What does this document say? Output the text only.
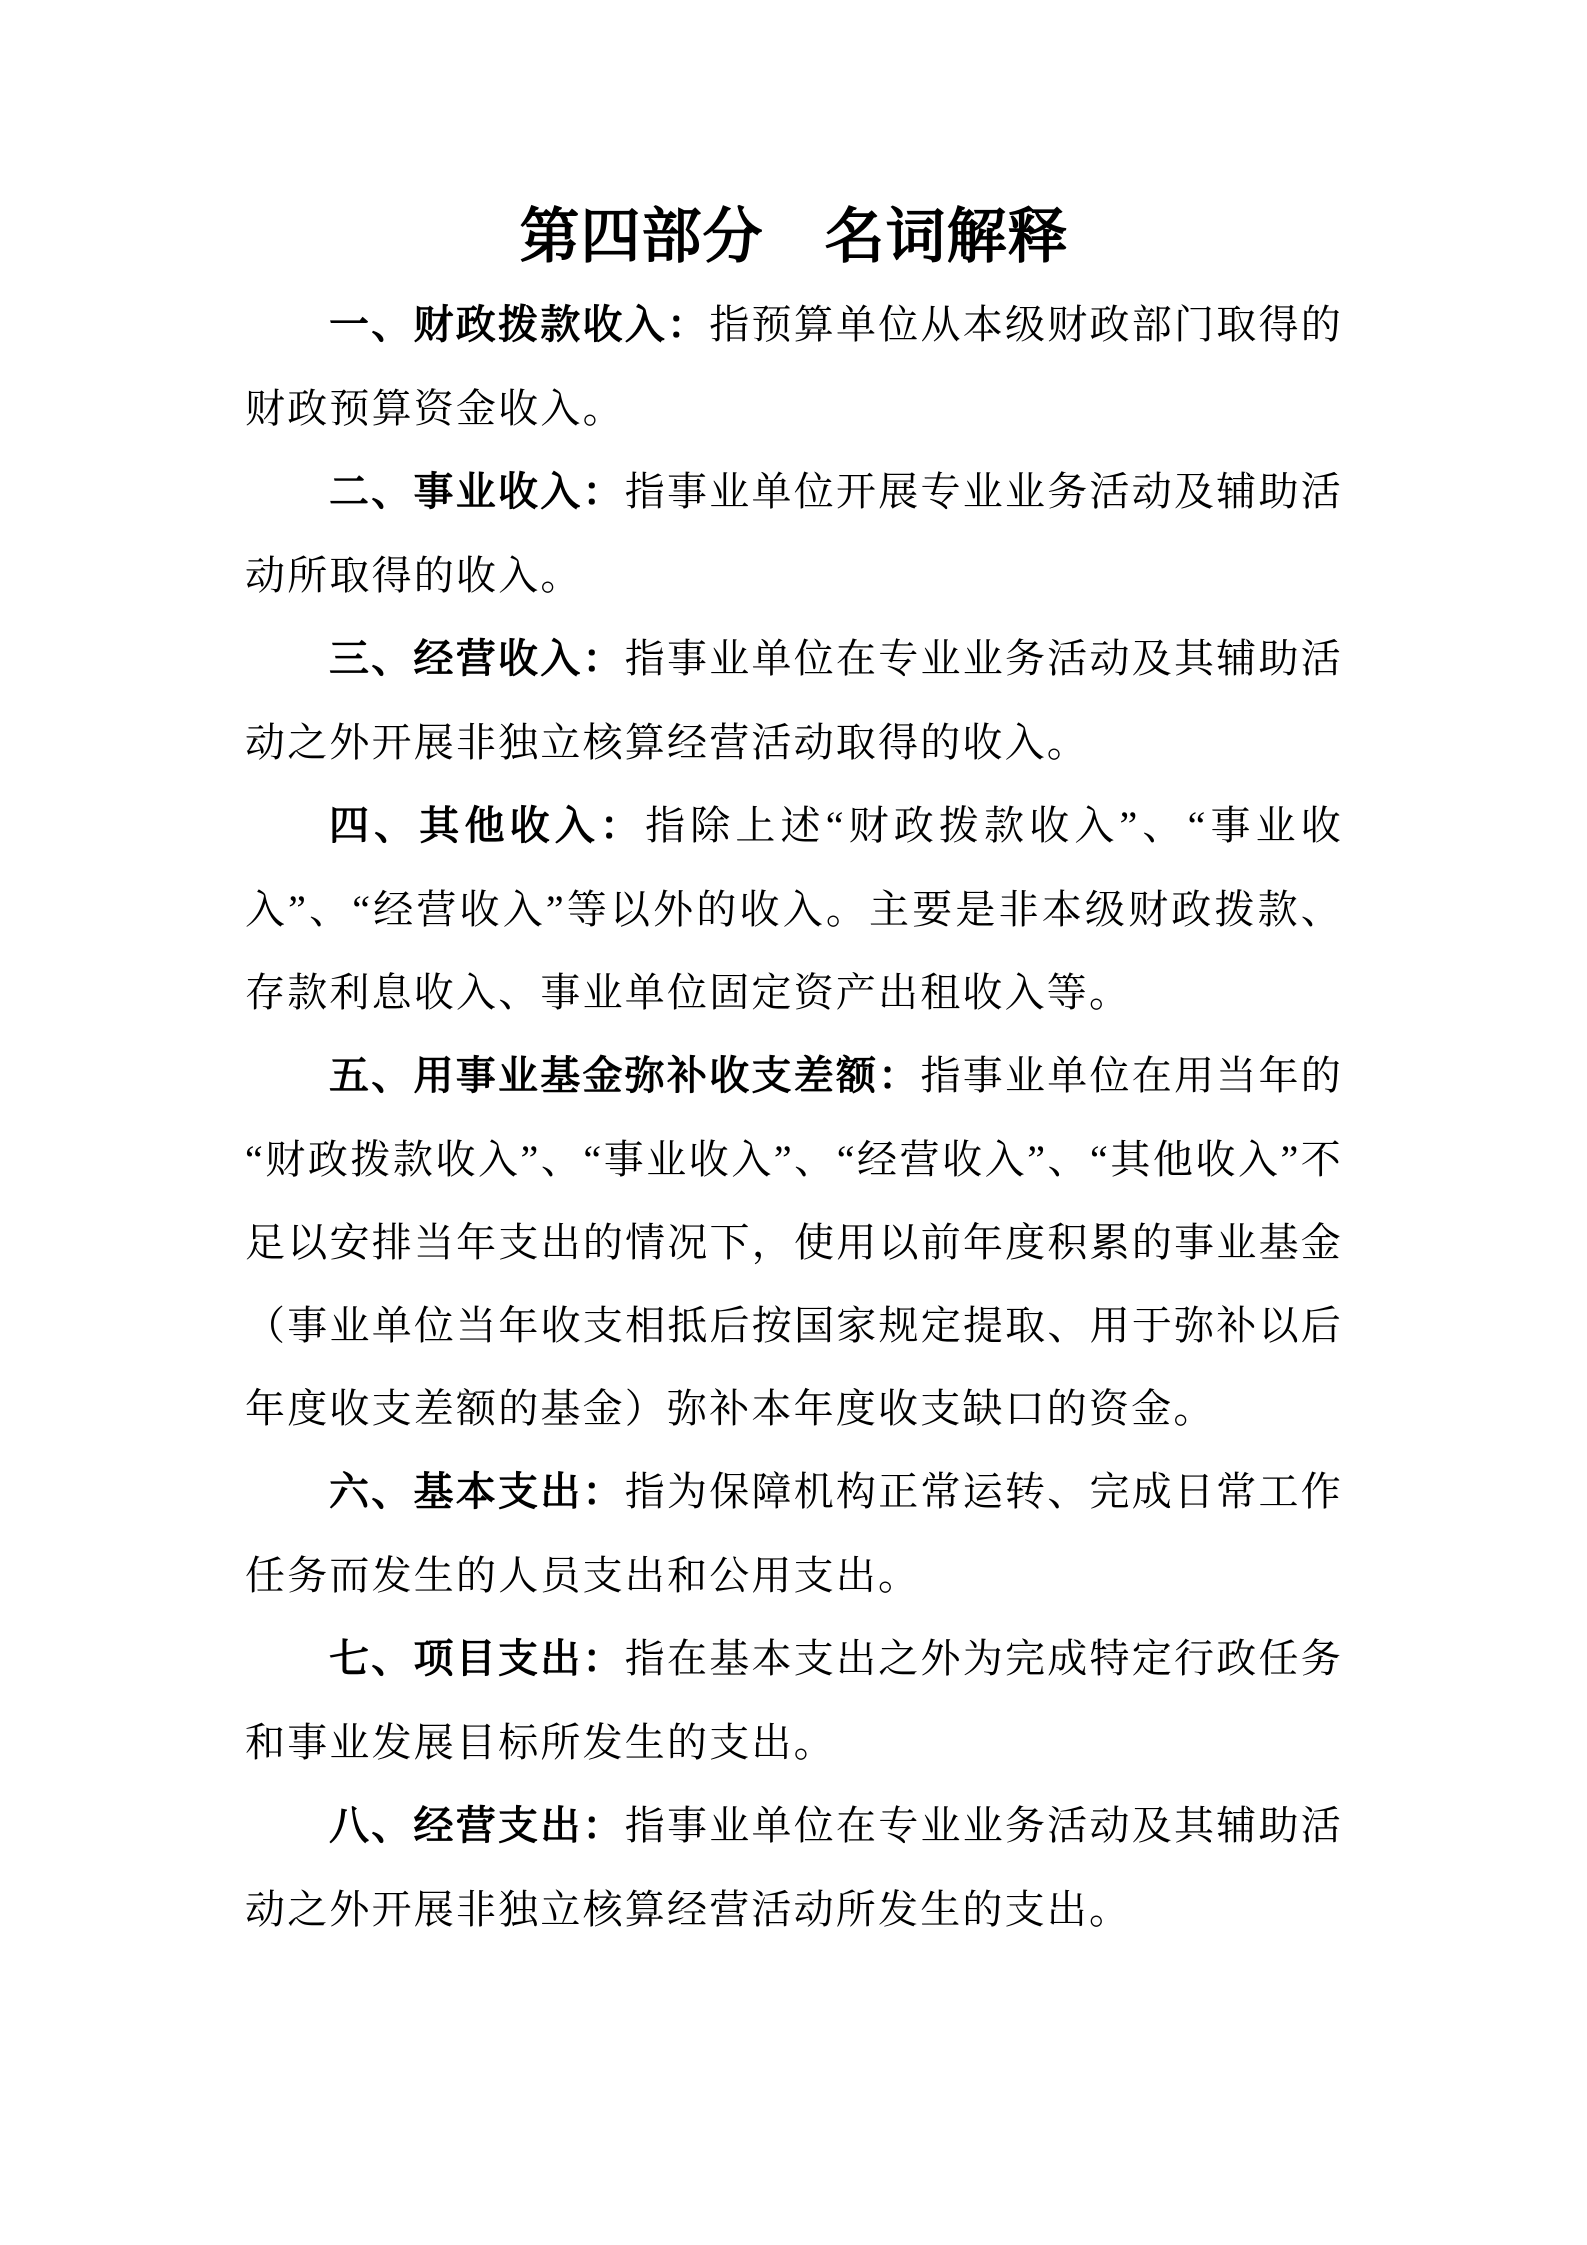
第四部分　名词解释

一、财政拨款收入：指预算单位从本级财政部门取得的财政预算资金收入。

二、事业收入：指事业单位开展专业业务活动及辅助活动所取得的收入。

三、经营收入：指事业单位在专业业务活动及其辅助活动之外开展非独立核算经营活动取得的收入。

四、其他收入：指除上述“财政拨款收入”、“事业收入”、“经营收入”等以外的收入。主要是非本级财政拨款、存款利息收入、事业单位固定资产出租收入等。

五、用事业基金弥补收支差额：指事业单位在用当年的“财政拨款收入”、“事业收入”、“经营收入”、“其他收入”不足以安排当年支出的情况下，使用以前年度积累的事业基金（事业单位当年收支相抵后按国家规定提取、用于弥补以后年度收支差额的基金）弥补本年度收支缺口的资金。

六、基本支出：指为保障机构正常运转、完成日常工作任务而发生的人员支出和公用支出。

七、项目支出：指在基本支出之外为完成特定行政任务和事业发展目标所发生的支出。

八、经营支出：指事业单位在专业业务活动及其辅助活动之外开展非独立核算经营活动所发生的支出。
